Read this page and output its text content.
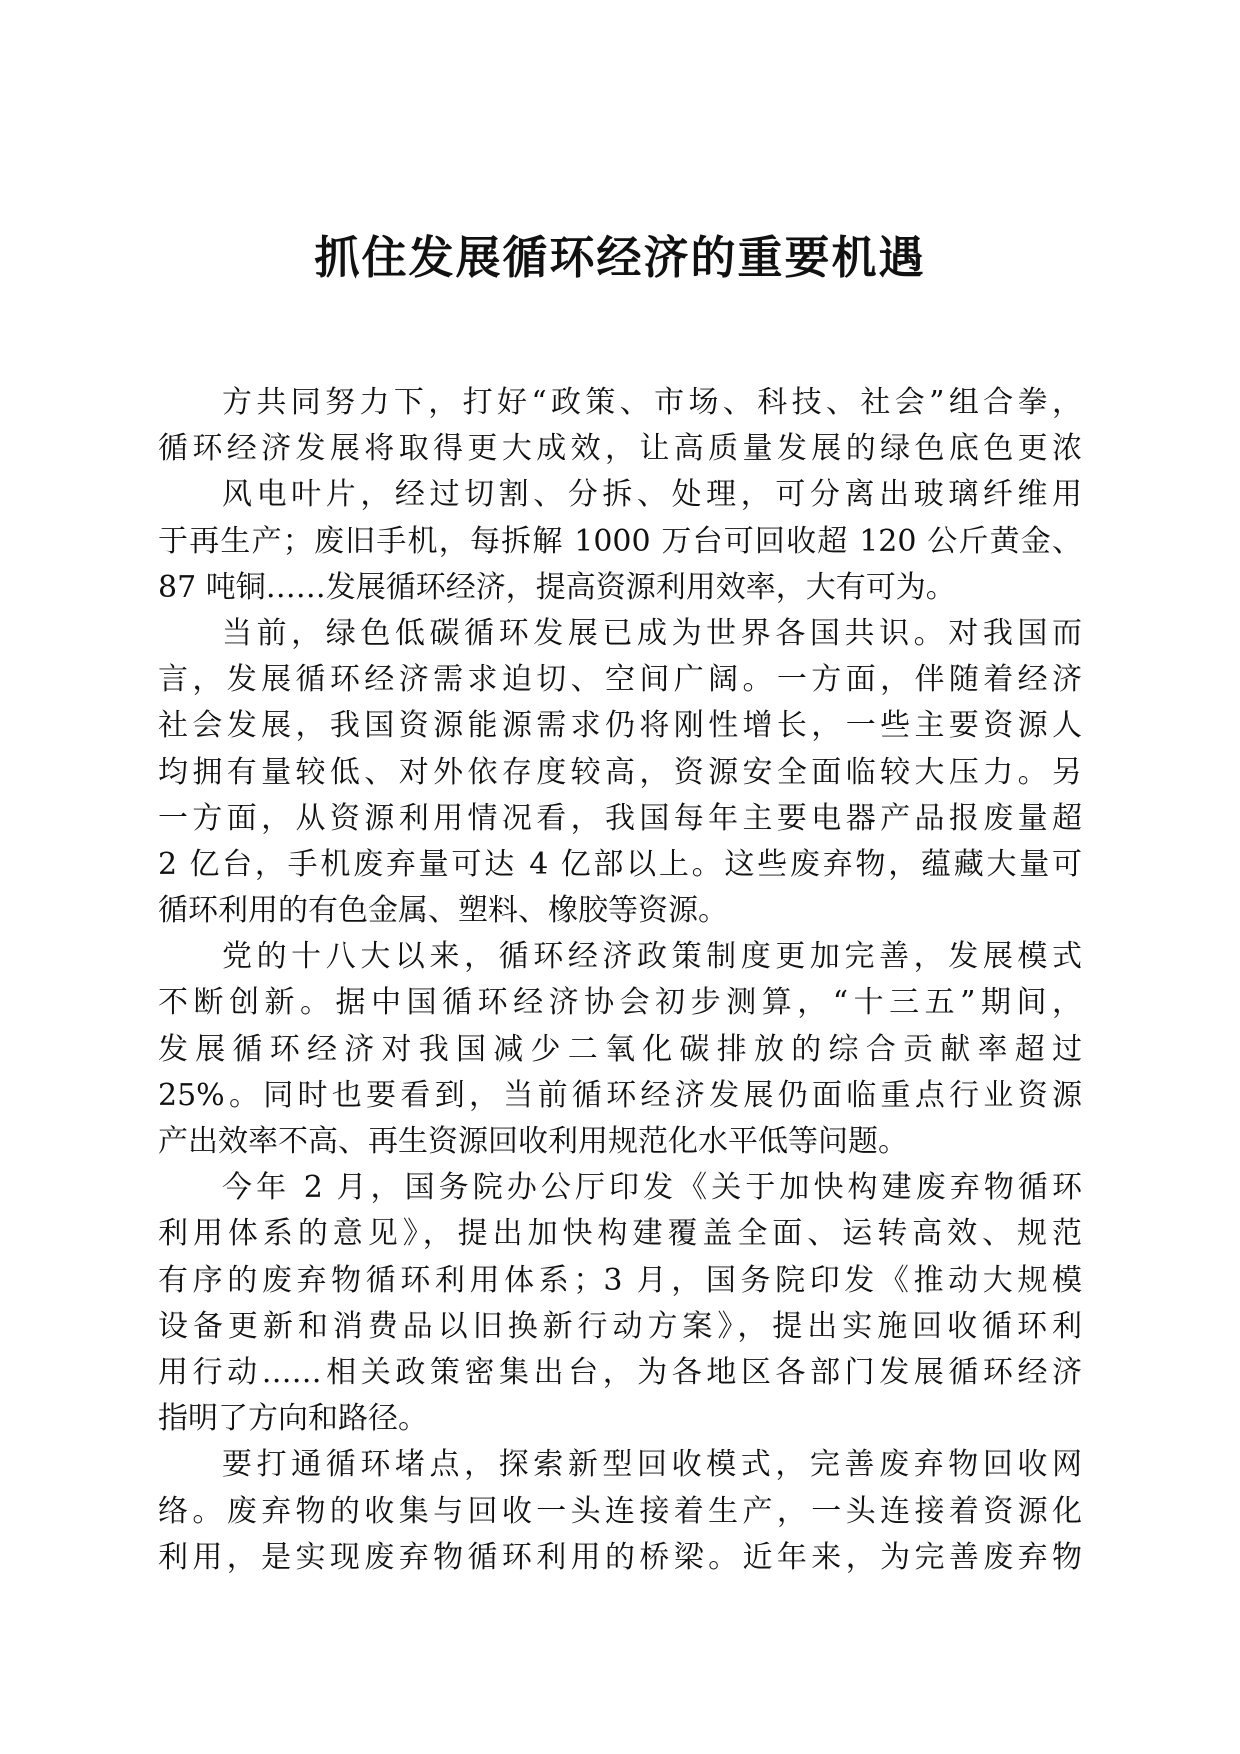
抓住发展循环经济的重要机遇
方共同努力下，打好“政策、市场、科技、社会”组合拳，
循环经济发展将取得更大成效，让高质量发展的绿色底色更浓
风电叶片，经过切割、分拆、处理，可分离出玻璃纤维用
于再生产；废旧手机，每拆解 1000 万台可回收超 120 公斤黄金、
87 吨铜……发展循环经济，提高资源利用效率，大有可为。
当前，绿色低碳循环发展已成为世界各国共识。对我国而
言，发展循环经济需求迫切、空间广阔。一方面，伴随着经济
社会发展，我国资源能源需求仍将刚性增长，一些主要资源人
均拥有量较低、对外依存度较高，资源安全面临较大压力。另
一方面，从资源利用情况看，我国每年主要电器产品报废量超
2 亿台，手机废弃量可达 4 亿部以上。这些废弃物，蕴藏大量可
循环利用的有色金属、塑料、橡胶等资源。
党的十八大以来，循环经济政策制度更加完善，发展模式
不断创新。据中国循环经济协会初步测算，“十三五”期间，
发展循环经济对我国减少二氧化碳排放的综合贡献率超过
25%。同时也要看到，当前循环经济发展仍面临重点行业资源
产出效率不高、再生资源回收利用规范化水平低等问题。
今年 2 月，国务院办公厅印发《关于加快构建废弃物循环
利用体系的意见》，提出加快构建覆盖全面、运转高效、规范
有序的废弃物循环利用体系；3 月，国务院印发《推动大规模
设备更新和消费品以旧换新行动方案》，提出实施回收循环利
用行动……相关政策密集出台，为各地区各部门发展循环经济
指明了方向和路径。
要打通循环堵点，探索新型回收模式，完善废弃物回收网
络。废弃物的收集与回收一头连接着生产，一头连接着资源化
利用，是实现废弃物循环利用的桥梁。近年来，为完善废弃物
